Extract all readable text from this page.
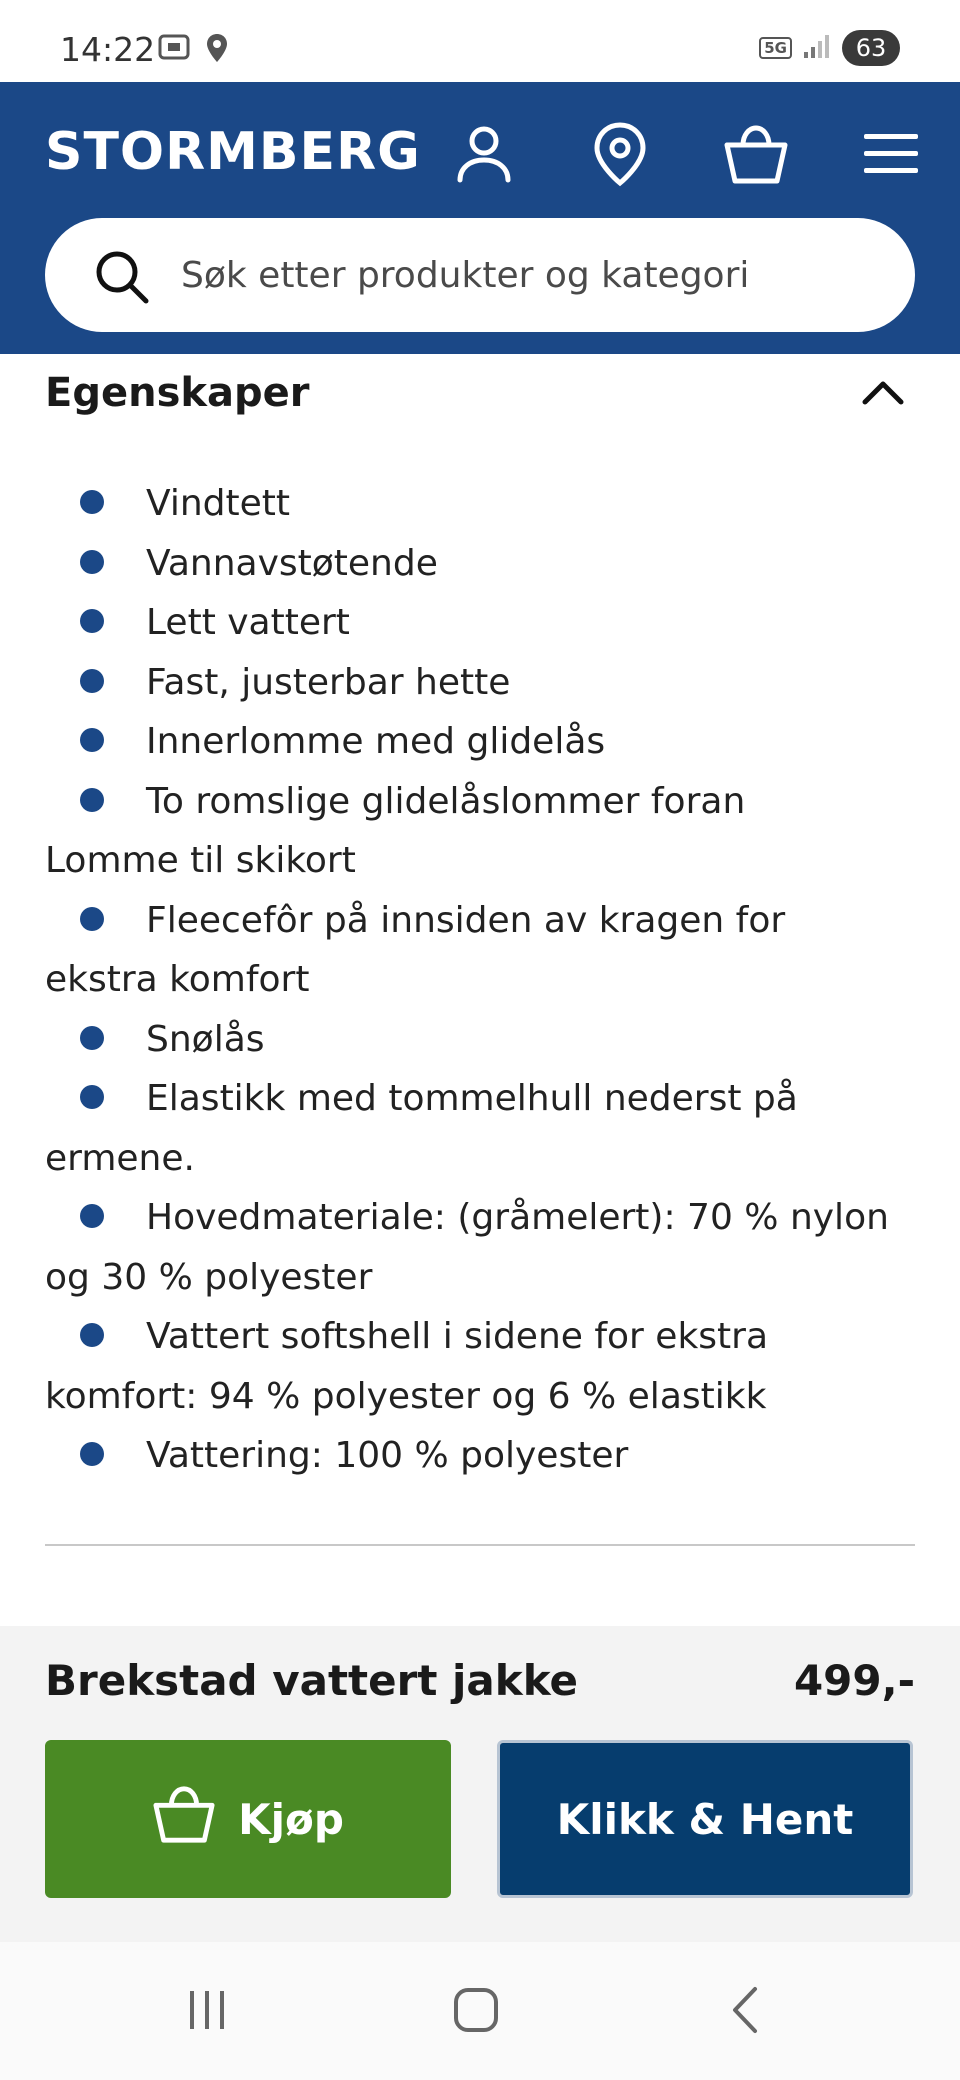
14:22	5G	63
STORMBERG
Søk etter produkter og kategori
Egenskaper
Vindtett
Vannavstøtende
Lett vattert
Fast, justerbar hette
Innerlomme med glidelås
To romslige glidelåslommer foran
Lomme til skikort
Fleecefôr på innsiden av kragen for
ekstra komfort
Snølås
Elastikk med tommelhull nederst på
ermene.
Hovedmateriale: (gråmelert): 70 % nylon
og 30 % polyester
Vattert softshell i sidene for ekstra
komfort: 94 % polyester og 6 % elastikk
Vattering: 100 % polyester
Brekstad vattert jakke	499,-
Kjøp	Klikk & Hent
